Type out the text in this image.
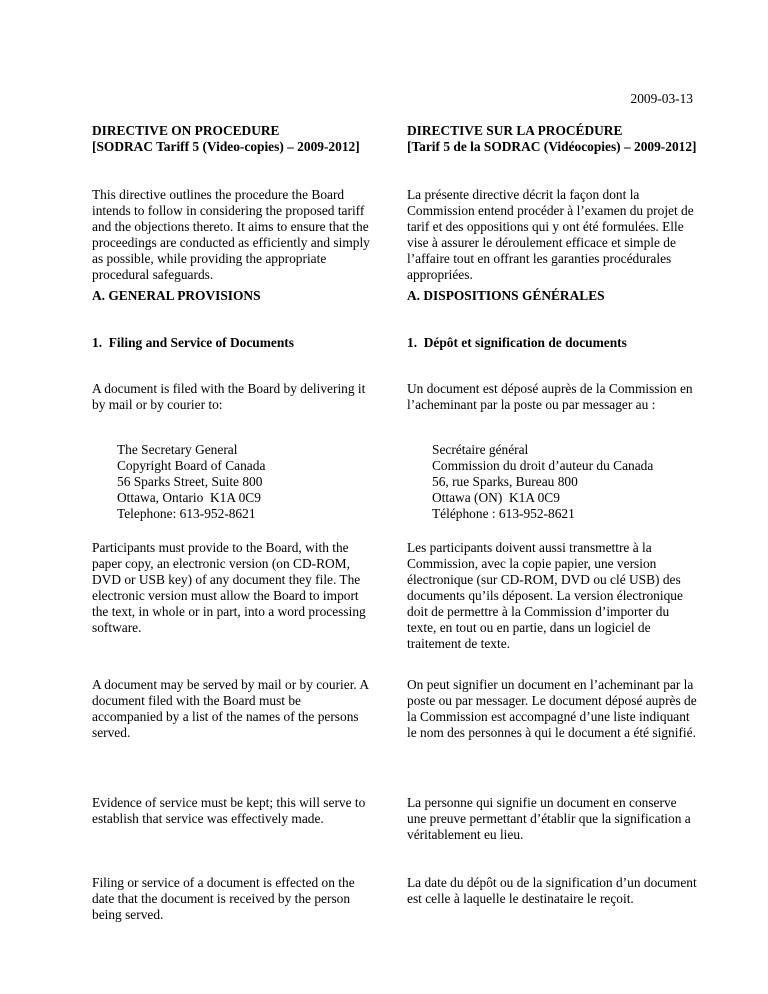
2009-03-13

DIRECTIVE ON PROCEDURE
[SODRAC Tariff 5 (Video-copies) – 2009-2012]

This directive outlines the procedure the Board intends to follow in considering the proposed tariff and the objections thereto. It aims to ensure that the proceedings are conducted as efficiently and simply as possible, while providing the appropriate procedural safeguards.

A. GENERAL PROVISIONS
1.  Filing and Service of Documents

A document is filed with the Board by delivering it by mail or by courier to:

The Secretary General
Copyright Board of Canada
56 Sparks Street, Suite 800
Ottawa, Ontario  K1A 0C9
Telephone: 613-952-8621

Participants must provide to the Board, with the paper copy, an electronic version (on CD-ROM, DVD or USB key) of any document they file. The electronic version must allow the Board to import the text, in whole or in part, into a word processing software.

A document may be served by mail or by courier. A document filed with the Board must be accompanied by a list of the names of the persons served.

Evidence of service must be kept; this will serve to establish that service was effectively made.

Filing or service of a document is effected on the date that the document is received by the person being served.

DIRECTIVE SUR LA PROCÉDURE
[Tarif 5 de la SODRAC (Vidéocopies) – 2009-2012]

La présente directive décrit la façon dont la Commission entend procéder à l’examen du projet de tarif et des oppositions qui y ont été formulées. Elle vise à assurer le déroulement efficace et simple de l’affaire tout en offrant les garanties procédurales appropriées.

A. DISPOSITIONS GÉNÉRALES
1.  Dépôt et signification de documents

Un document est déposé auprès de la Commission en l’acheminant par la poste ou par messager au :

Secrétaire général
Commission du droit d’auteur du Canada
56, rue Sparks, Bureau 800
Ottawa (ON)  K1A 0C9
Téléphone : 613-952-8621

Les participants doivent aussi transmettre à la Commission, avec la copie papier, une version électronique (sur CD-ROM, DVD ou clé USB) des documents qu’ils déposent. La version électronique doit de permettre à la Commission d’importer du texte, en tout ou en partie, dans un logiciel de traitement de texte.

On peut signifier un document en l’acheminant par la poste ou par messager. Le document déposé auprès de la Commission est accompagné d’une liste indiquant le nom des personnes à qui le document a été signifié.

La personne qui signifie un document en conserve une preuve permettant d’établir que la signification a véritablement eu lieu.

La date du dépôt ou de la signification d’un document est celle à laquelle le destinataire le reçoit.
